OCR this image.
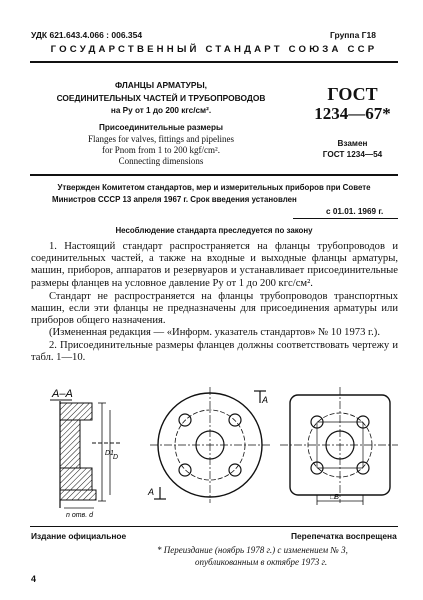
УДК 621.643.4.066 : 006.354	Группа Г18
ГОСУДАРСТВЕННЫЙ СТАНДАРТ СОЮЗА ССР
ФЛАНЦЫ АРМАТУРЫ,
СОЕДИНИТЕЛЬНЫХ ЧАСТЕЙ И ТРУБОПРОВОДОВ
на Pу от 1 до 200 кгс/см².
Присоединительные размеры
Flanges for valves, fittings and pipelines
for Pnom from 1 to 200 kgf/cm².
Connecting dimensions
ГОСТ
1234—67*
Взамен
ГОСТ 1234—54
Утвержден Комитетом стандартов, мер и измерительных приборов при Совете
Министров СССР 13 апреля 1967 г. Срок введения установлен
с 01.01. 1969 г.
Несоблюдение стандарта преследуется по закону

1. Настоящий стандарт распространяется на фланцы трубопроводов и соединительных частей, а также на входные и выходные фланцы арматуры, машин, приборов, аппаратов и резервуаров и устанавливает присоединительные размеры фланцев на условное давление Pу от 1 до 200 кгс/см².

Стандарт не распространяется на фланцы трубопроводов транспортных машин, если эти фланцы не предназначены для присоединения арматуры или приборов общего назначения.

(Измененная редакция — «Информ. указатель стандартов» № 10 1973 г.).

2. Присоединительные размеры фланцев должны соответствовать чертежу и табл. 1—10.

А–А
D1
D
n отв. d
А
А
□В
Издание официальное	Перепечатка воспрещена
* Переиздание (ноябрь 1978 г.) с изменением № 3,
опубликованным в октябре 1973 г.
4
